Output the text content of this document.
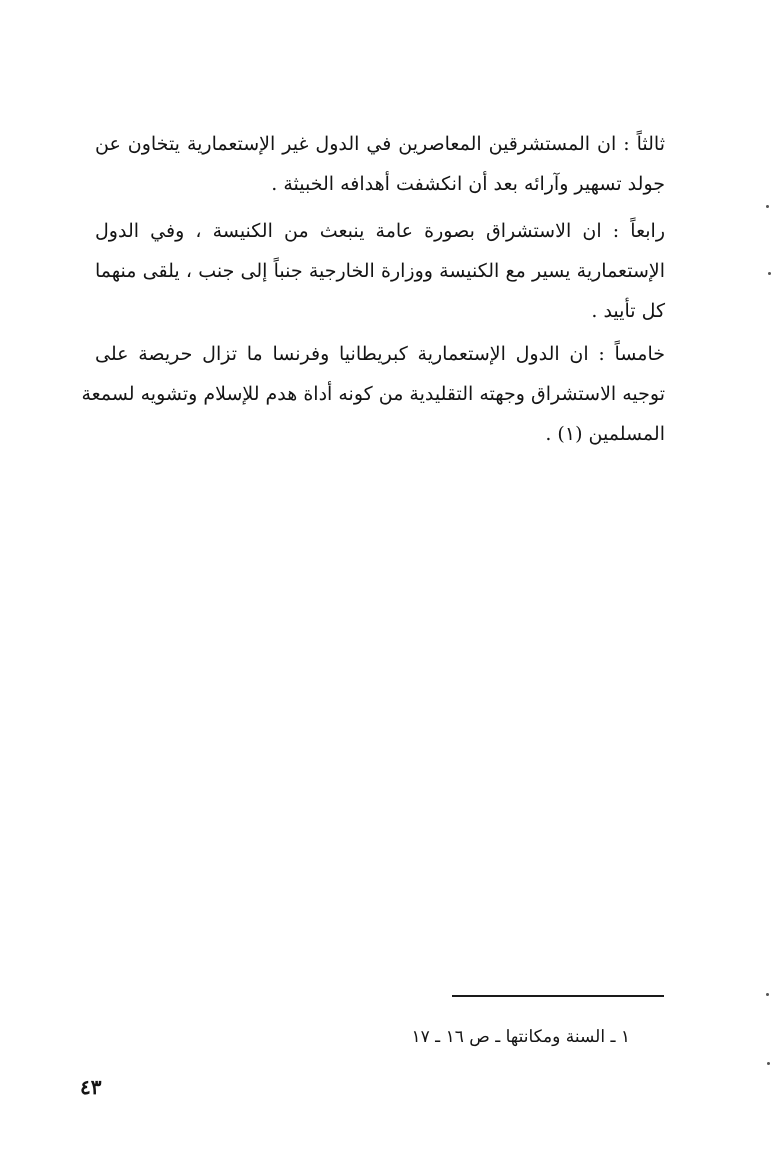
ثالثاً : ان المستشرقين المعاصرين في الدول غير الإستعمارية يتخاون عن
جولد تسهير وآرائه بعد أن انكشفت أهدافه الخبيثة .
رابعاً : ان الاستشراق بصورة عامة ينبعث من الكنيسة ، وفي الدول
الإستعمارية يسير مع الكنيسة ووزارة الخارجية جنباً إلى جنب ، يلقى منهما
كل تأييد .
خامساً : ان الدول الإستعمارية كبريطانيا وفرنسا ما تزال حريصة على
توجيه الاستشراق وجهته التقليدية من كونه أداة هدم للإسلام وتشويه لسمعة
المسلمين (١) .
١ ـ السنة ومكانتها ـ ص ١٦ ـ ١٧
٤٣
